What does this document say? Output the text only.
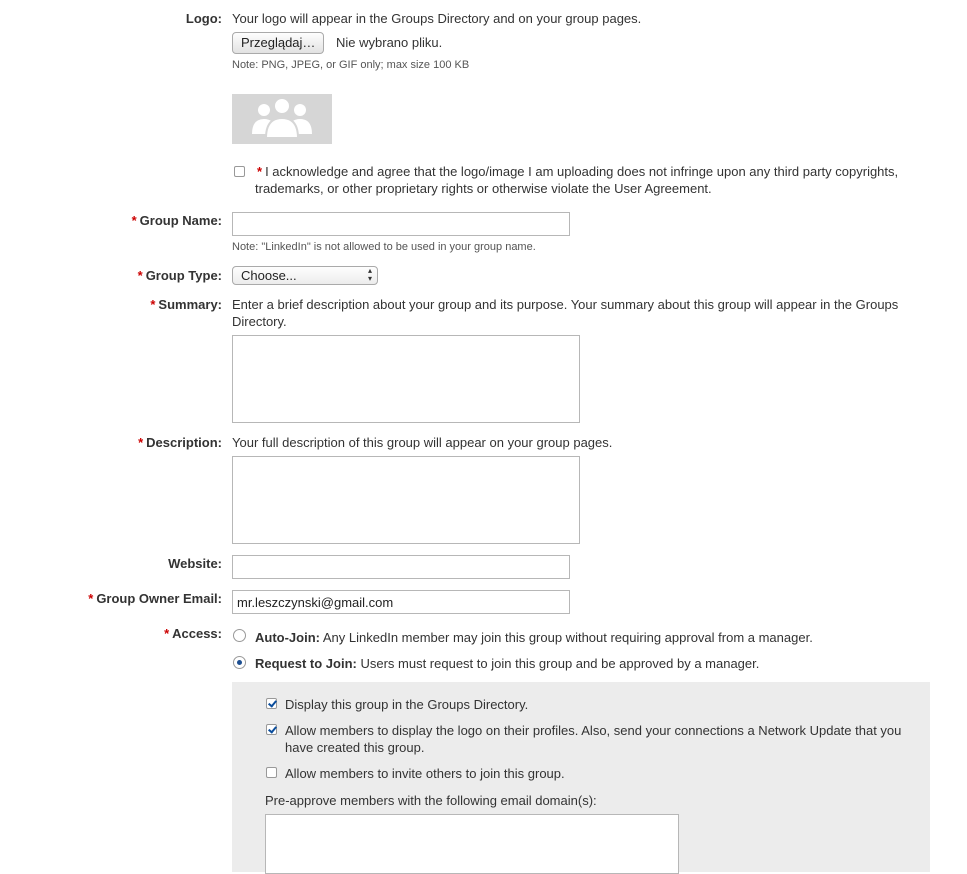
Logo: Your logo will appear in the Groups Directory and on your group pages.
Przeglądaj…	Nie wybrano pliku.
Note: PNG, JPEG, or GIF only; max size 100 KB
* I acknowledge and agree that the logo/image I am uploading does not infringe upon any third party copyrights,
trademarks, or other proprietary rights or otherwise violate the User Agreement.
* Group Name:
Note: "LinkedIn" is not allowed to be used in your group name.
* Group Type:	Choose...	▴
▾
* Summary: Enter a brief description about your group and its purpose. Your summary about this group will appear in the Groups
Directory.
* Description: Your full description of this group will appear on your group pages.
Website:
* Group Owner Email:
mr.leszczynski@gmail.com
* Access:	Auto-Join: Any LinkedIn member may join this group without requiring approval from a manager.
Request to Join: Users must request to join this group and be approved by a manager.
Display this group in the Groups Directory.
Allow members to display the logo on their profiles. Also, send your connections a Network Update that you
have created this group.
Allow members to invite others to join this group.
Pre-approve members with the following email domain(s):
